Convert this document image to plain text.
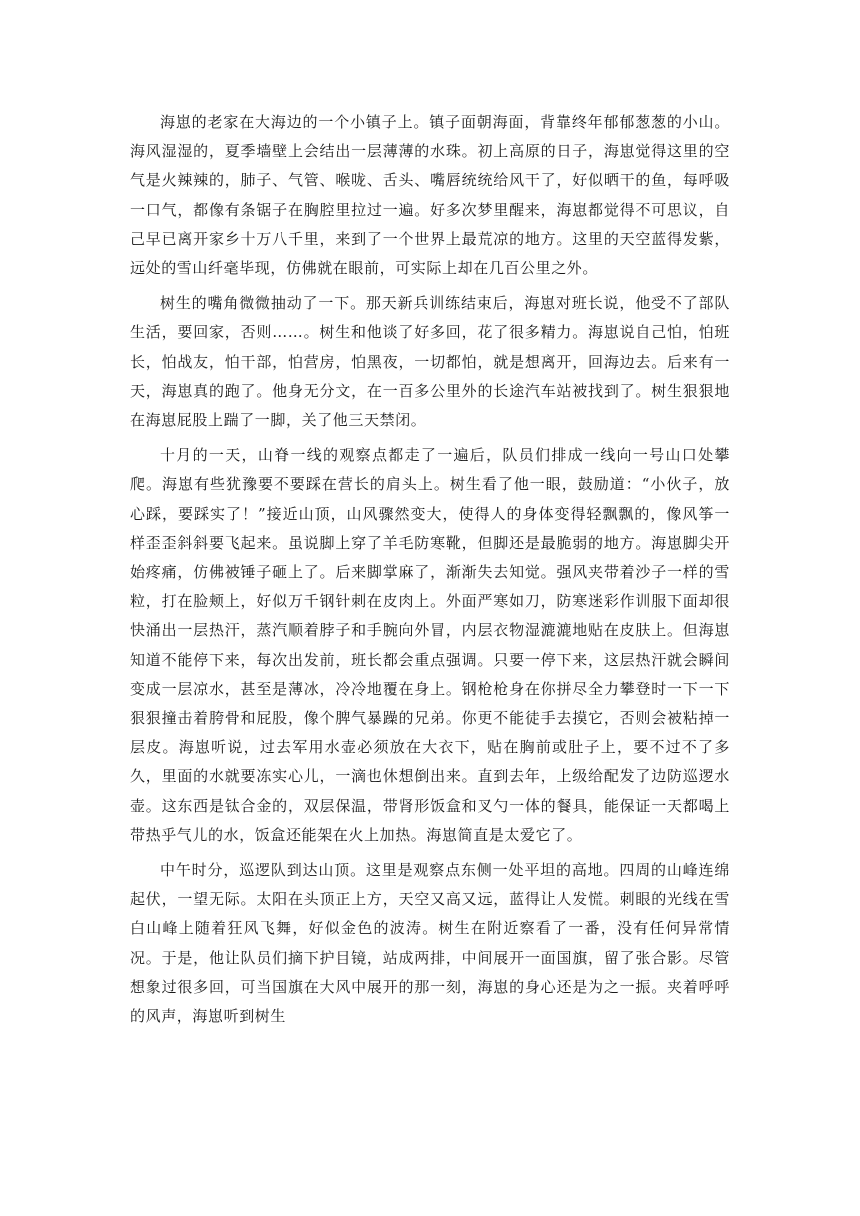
海崽的老家在大海边的一个小镇子上。镇子面朝海面，背靠终年郁郁葱葱的小山。海风湿湿的，夏季墙壁上会结出一层薄薄的水珠。初上高原的日子，海崽觉得这里的空气是火辣辣的，肺子、气管、喉咙、舌头、嘴唇统统给风干了，好似晒干的鱼，每呼吸一口气，都像有条锯子在胸腔里拉过一遍。好多次梦里醒来，海崽都觉得不可思议，自己早已离开家乡十万八千里，来到了一个世界上最荒凉的地方。这里的天空蓝得发紫，远处的雪山纤毫毕现，仿佛就在眼前，可实际上却在几百公里之外。

树生的嘴角微微抽动了一下。那天新兵训练结束后，海崽对班长说，他受不了部队生活，要回家，否则……。树生和他谈了好多回，花了很多精力。海崽说自己怕，怕班长，怕战友，怕干部，怕营房，怕黑夜，一切都怕，就是想离开，回海边去。后来有一天，海崽真的跑了。他身无分文，在一百多公里外的长途汽车站被找到了。树生狠狠地在海崽屁股上踹了一脚，关了他三天禁闭。

十月的一天，山脊一线的观察点都走了一遍后，队员们排成一线向一号山口处攀爬。海崽有些犹豫要不要踩在营长的肩头上。树生看了他一眼，鼓励道：“小伙子，放心踩，要踩实了！”接近山顶，山风骤然变大，使得人的身体变得轻飘飘的，像风筝一样歪歪斜斜要飞起来。虽说脚上穿了羊毛防寒靴，但脚还是最脆弱的地方。海崽脚尖开始疼痛，仿佛被锤子砸上了。后来脚掌麻了，渐渐失去知觉。强风夹带着沙子一样的雪粒，打在脸颊上，好似万千钢针刺在皮肉上。外面严寒如刀，防寒迷彩作训服下面却很快涌出一层热汗，蒸汽顺着脖子和手腕向外冒，内层衣物湿漉漉地贴在皮肤上。但海崽知道不能停下来，每次出发前，班长都会重点强调。只要一停下来，这层热汗就会瞬间变成一层凉水，甚至是薄冰，冷冷地覆在身上。钢枪枪身在你拼尽全力攀登时一下一下狠狠撞击着胯骨和屁股，像个脾气暴躁的兄弟。你更不能徒手去摸它，否则会被粘掉一层皮。海崽听说，过去军用水壶必须放在大衣下，贴在胸前或肚子上，要不过不了多久，里面的水就要冻实心儿，一滴也休想倒出来。直到去年，上级给配发了边防巡逻水壶。这东西是钛合金的，双层保温，带肾形饭盒和叉勺一体的餐具，能保证一天都喝上带热乎气儿的水，饭盒还能架在火上加热。海崽简直是太爱它了。

中午时分，巡逻队到达山顶。这里是观察点东侧一处平坦的高地。四周的山峰连绵起伏，一望无际。太阳在头顶正上方，天空又高又远，蓝得让人发慌。刺眼的光线在雪白山峰上随着狂风飞舞，好似金色的波涛。树生在附近察看了一番，没有任何异常情况。于是，他让队员们摘下护目镜，站成两排，中间展开一面国旗，留了张合影。尽管想象过很多回，可当国旗在大风中展开的那一刻，海崽的身心还是为之一振。夹着呼呼的风声，海崽听到树生
